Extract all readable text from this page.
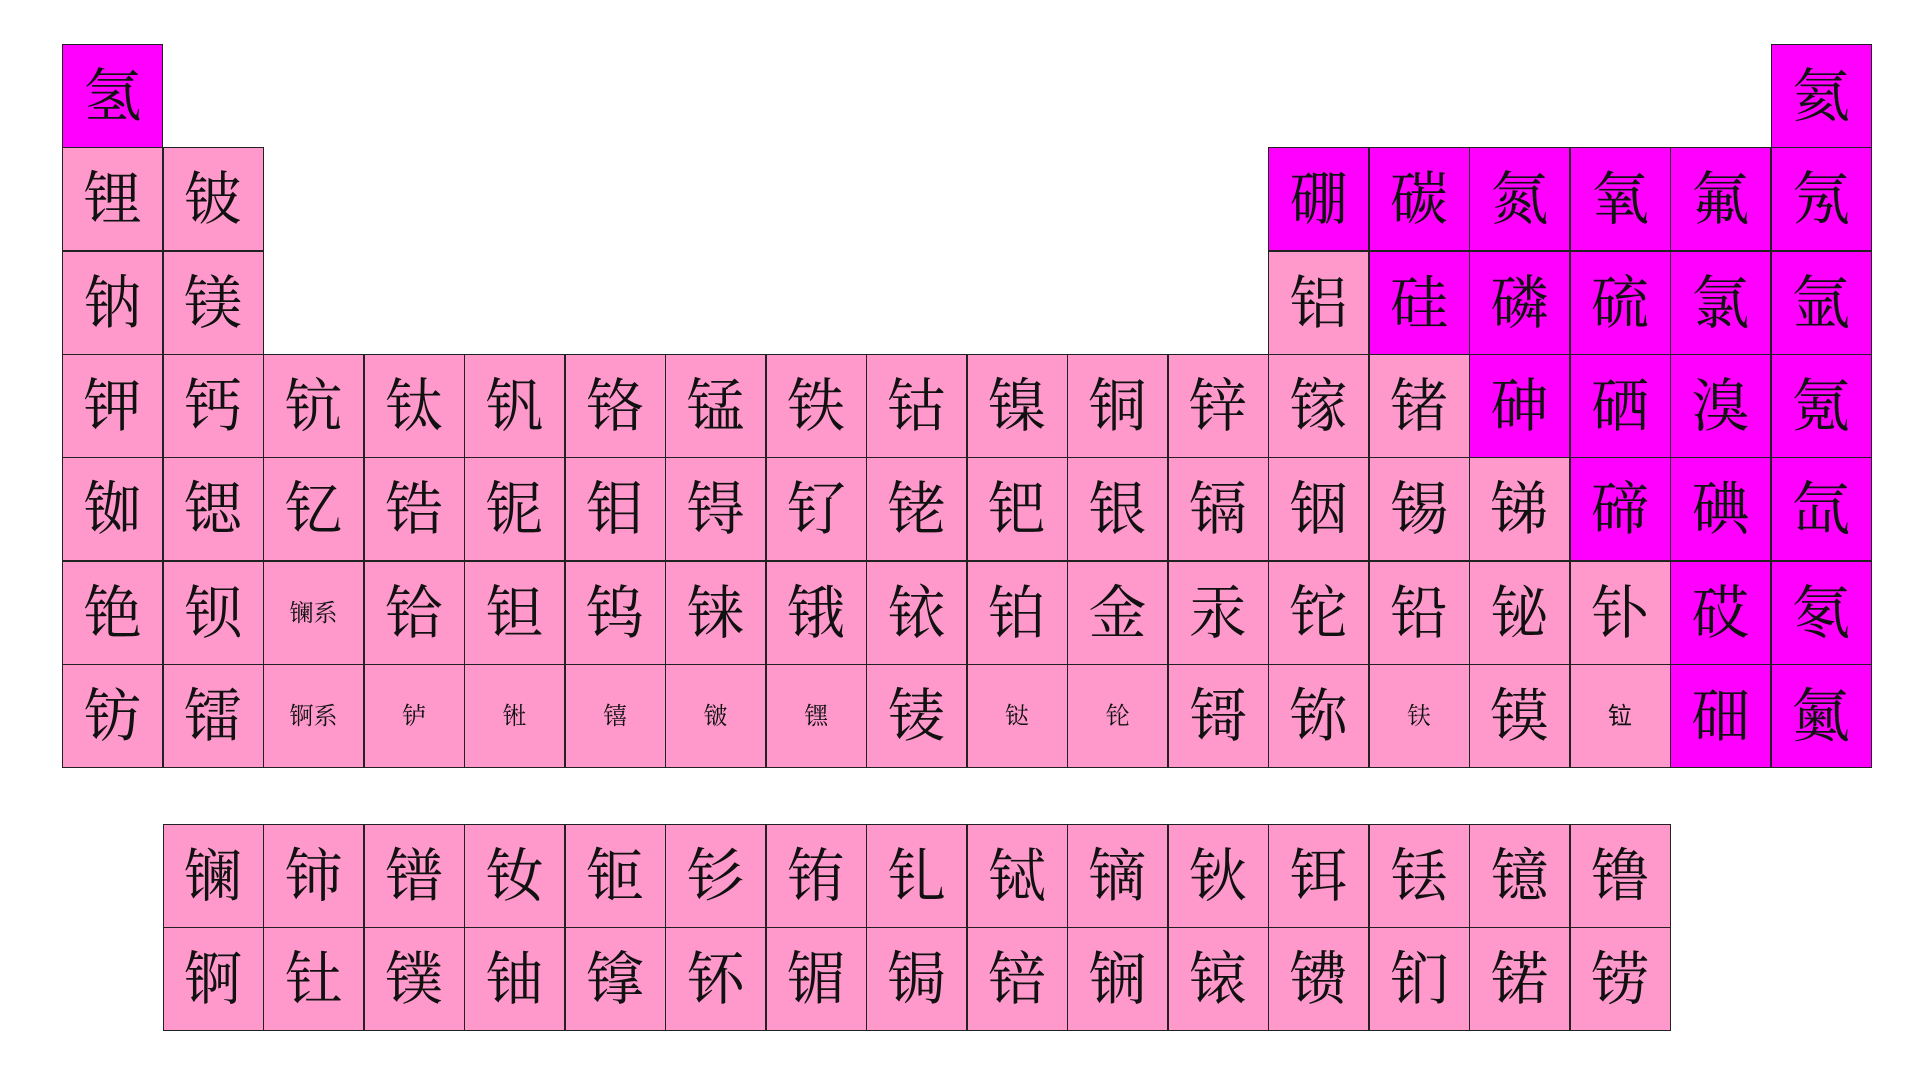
氢	氦
锂 铍	硼 碳 氮 氧 氟 氖
钠 镁	铝 硅 磷 硫 氯 氩
钾 钙 钪 钛 钒 铬 锰 铁 钴 镍 铜 锌 镓 锗 砷 硒 溴 氪
铷 锶 钇 锆 铌 钼 锝 钌 铑 钯 银 镉 铟 锡 锑 碲 碘 氙
铯 钡	镧系 铪 钽 钨 铼 锇 铱 铂 金 汞 铊 铅 铋 钋 砹 氡
钫 镭	锕系	𬬻	𬭊	𬭳	𬭛	𬭶	鿏	𫟼	𬬭	鿔 鿭	𫓧	镆	𫟷	鿬 鿫
镧 铈 镨 钕 钷 钐 铕 钆 铽 镝 钬 铒 铥 镱 镥
锕 钍 镤 铀 镎 钚 镅 锔 锫 锎 锿 镄 钔 锘 铹
